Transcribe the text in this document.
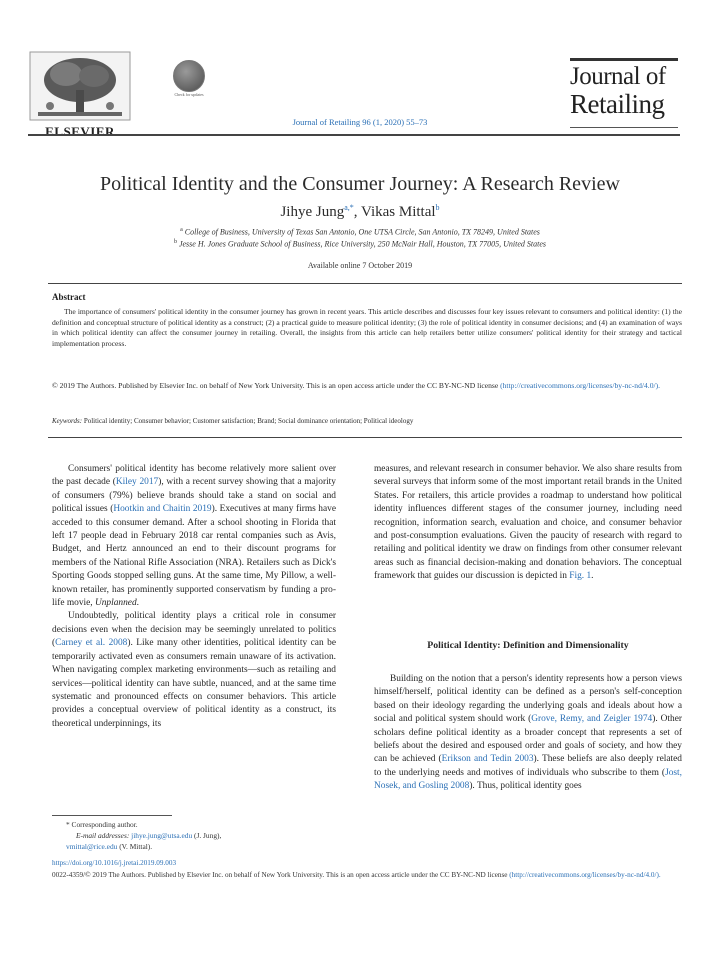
ELSEVIER
Check for updates
Journal of Retailing 96 (1, 2020) 55–73
Journal of
Retailing
Political Identity and the Consumer Journey: A Research Review
Jihye Jung$^{a,*}$, Vikas Mittal$^b$
$^a$ College of Business, University of Texas San Antonio, One UTSA Circle, San Antonio, TX 78249, United States
$^b$ Jesse H. Jones Graduate School of Business, Rice University, 250 McNair Hall, Houston, TX 77005, United States
Available online 7 October 2019
Abstract
The importance of consumers' political identity in the consumer journey has grown in recent years. This article describes and discusses four key issues relevant to consumers and political identity: (1) the definition and conceptual structure of political identity as a construct; (2) a practical guide to measure political identity; (3) the role of political identity in consumer decisions; and (4) an examination of ways in which political identity can affect the consumer journey in retailing. Overall, the insights from this article can help retailers better utilize consumers' political identity for their strategy and tactical implementation process.
© 2019 The Authors. Published by Elsevier Inc. on behalf of New York University. This is an open access article under the CC BY-NC-ND license (http://creativecommons.org/licenses/by-nc-nd/4.0/).
Keywords: Political identity; Consumer behavior; Customer satisfaction; Brand; Social dominance orientation; Political ideology

Consumers' political identity has become relatively more salient over the past decade (Kiley 2017), with a recent survey showing that a majority of consumers (79%) believe brands should take a stand on social and political issues (Hootkin and Chaitin 2019). Executives at many firms have acceded to this consumer demand. After a school shooting in Florida that left 17 people dead in February 2018 car rental companies such as Avis, Budget, and Hertz announced an end to their discount programs for members of the National Rifle Association (NRA). Retailers such as Dick's Sporting Goods stopped selling guns. At the same time, My Pillow, a well-known retailer, has prominently supported conservatism by funding a pro-life movie, Unplanned.

Undoubtedly, political identity plays a critical role in consumer decisions even when the decision may be seemingly unrelated to politics (Carney et al. 2008). Like many other identities, political identity can be temporarily activated even as consumers remain unaware of its activation. When navigating complex marketing environments—such as retailing and services—political identity can have subtle, nuanced, and at the same time systematic and pronounced effects on consumer behaviors. This article provides a conceptual overview of political identity as a construct, its theoretical underpinnings, its

measures, and relevant research in consumer behavior. We also share results from several surveys that inform some of the most important retail brands in the United States. For retailers, this article provides a roadmap to understand how political identity influences different stages of the consumer journey, including need recognition, information search, evaluation and choice, and consumer behavior and post-consumption evaluations. Given the paucity of research with regard to retailing and political identity we draw on findings from other consumer relevant areas such as financial decision-making and donation behaviors. The conceptual framework that guides our discussion is depicted in Fig. 1.

Political Identity: Definition and Dimensionality

Building on the notion that a person's identity represents how a person views himself/herself, political identity can be defined as a person's self-conception based on their ideology regarding the underlying goals and ideals about how a social and political system should work (Grove, Remy, and Zeigler 1974). Other scholars define political identity as a broader concept that represents a set of beliefs about the desired and espoused order and goals of society, and how they can be achieved (Erikson and Tedin 2003). These beliefs are also deeply related to the underlying needs and motives of individuals who subscribe to them (Jost, Nosek, and Gosling 2008). Thus, political identity goes

* Corresponding author.
E-mail addresses: jihye.jung@utsa.edu (J. Jung),
vmittal@rice.edu (V. Mittal).
https://doi.org/10.1016/j.jretai.2019.09.003
0022-4359/© 2019 The Authors. Published by Elsevier Inc. on behalf of New York University. This is an open access article under the CC BY-NC-ND license (http://creativecommons.org/licenses/by-nc-nd/4.0/).
